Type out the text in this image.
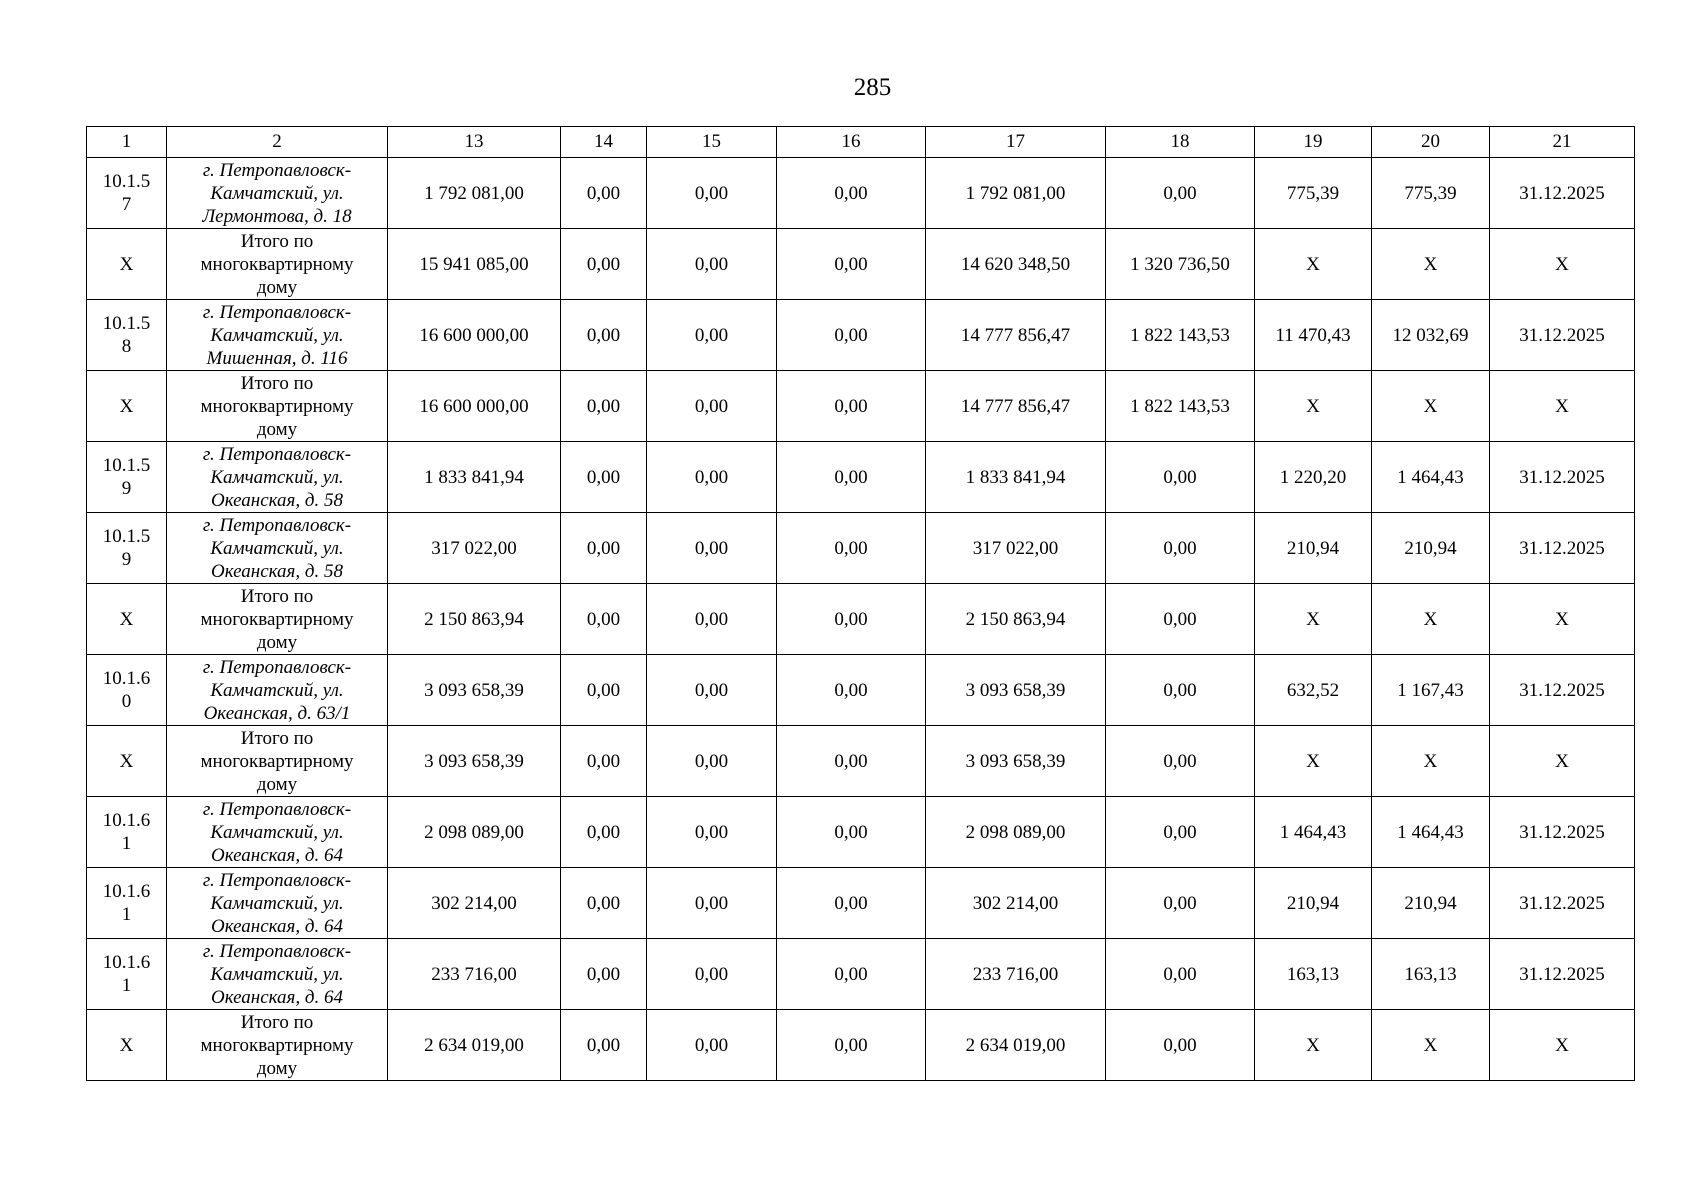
285
1	2	13	14	15	16	17	18	19	20	21
10.1.5
7	г. Петропавловск-
Камчатский, ул.
Лермонтова, д. 18	1 792 081,00	0,00	0,00	0,00	1 792 081,00	0,00	775,39	775,39	31.12.2025
X	Итого по
многоквартирному
дому	15 941 085,00	0,00	0,00	0,00	14 620 348,50	1 320 736,50	X	X	X
10.1.5
8	г. Петропавловск-
Камчатский, ул.
Мишенная, д. 116	16 600 000,00	0,00	0,00	0,00	14 777 856,47	1 822 143,53	11 470,43	12 032,69	31.12.2025
X	Итого по
многоквартирному
дому	16 600 000,00	0,00	0,00	0,00	14 777 856,47	1 822 143,53	X	X	X
10.1.5
9	г. Петропавловск-
Камчатский, ул.
Океанская, д. 58	1 833 841,94	0,00	0,00	0,00	1 833 841,94	0,00	1 220,20	1 464,43	31.12.2025
10.1.5
9	г. Петропавловск-
Камчатский, ул.
Океанская, д. 58	317 022,00	0,00	0,00	0,00	317 022,00	0,00	210,94	210,94	31.12.2025
X	Итого по
многоквартирному
дому	2 150 863,94	0,00	0,00	0,00	2 150 863,94	0,00	X	X	X
10.1.6
0	г. Петропавловск-
Камчатский, ул.
Океанская, д. 63/1	3 093 658,39	0,00	0,00	0,00	3 093 658,39	0,00	632,52	1 167,43	31.12.2025
X	Итого по
многоквартирному
дому	3 093 658,39	0,00	0,00	0,00	3 093 658,39	0,00	X	X	X
10.1.6
1	г. Петропавловск-
Камчатский, ул.
Океанская, д. 64	2 098 089,00	0,00	0,00	0,00	2 098 089,00	0,00	1 464,43	1 464,43	31.12.2025
10.1.6
1	г. Петропавловск-
Камчатский, ул.
Океанская, д. 64	302 214,00	0,00	0,00	0,00	302 214,00	0,00	210,94	210,94	31.12.2025
10.1.6
1	г. Петропавловск-
Камчатский, ул.
Океанская, д. 64	233 716,00	0,00	0,00	0,00	233 716,00	0,00	163,13	163,13	31.12.2025
X	Итого по
многоквартирному
дому	2 634 019,00	0,00	0,00	0,00	2 634 019,00	0,00	X	X	X
